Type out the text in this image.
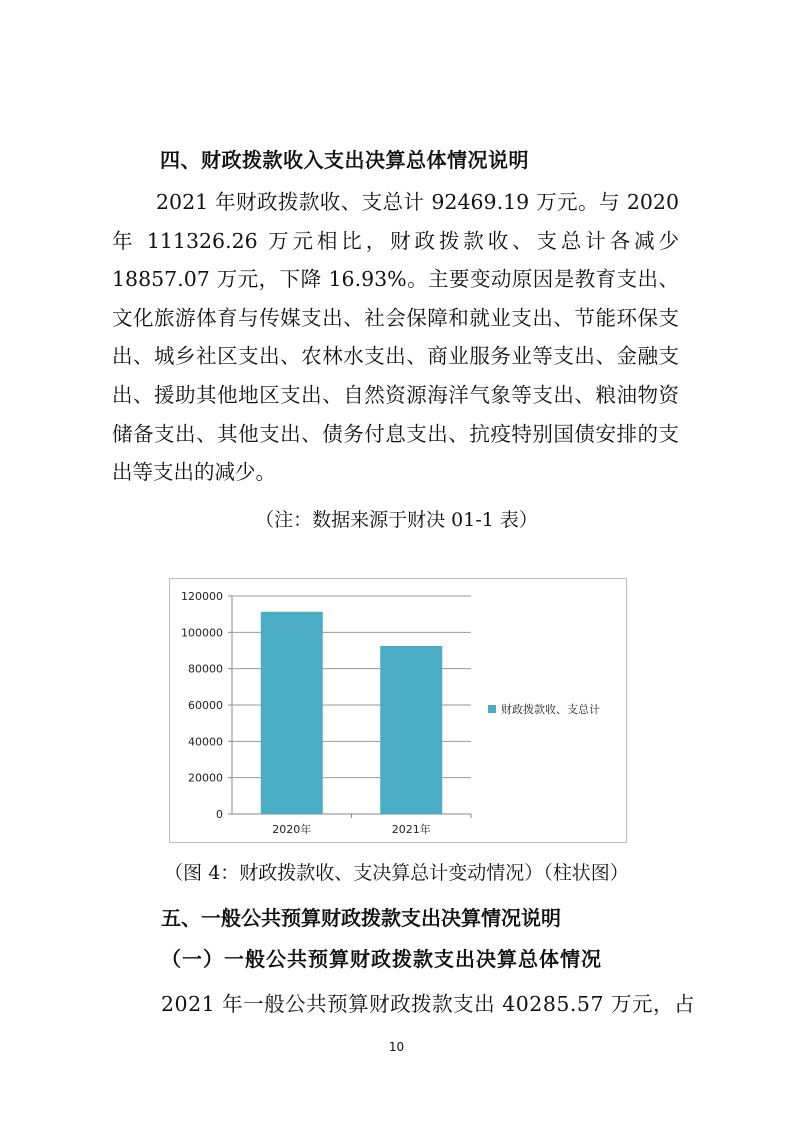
四、财政拨款收入支出决算总体情况说明

2021 年财政拨款收、支总计 92469.19 万元。与 2020 年 111326.26 万元相比，财政拨款收、支总计各减少 18857.07 万元，下降 16.93%。主要变动原因是教育支出、文化旅游体育与传媒支出、社会保障和就业支出、节能环保支出、城乡社区支出、农林水支出、商业服务业等支出、金融支出、援助其他地区支出、自然资源海洋气象等支出、粮油物资储备支出、其他支出、债务付息支出、抗疫特别国债安排的支出等支出的减少。

（注：数据来源于财决 01-1 表）
0
20000
40000
60000
80000
100000
120000
2020年	2021年
财政拨款收、支总计
（图 4：财政拨款收、支决算总计变动情况）（柱状图）
五、一般公共预算财政拨款支出决算情况说明
（一）一般公共预算财政拨款支出决算总体情况
2021 年一般公共预算财政拨款支出 40285.57 万元，占
10
